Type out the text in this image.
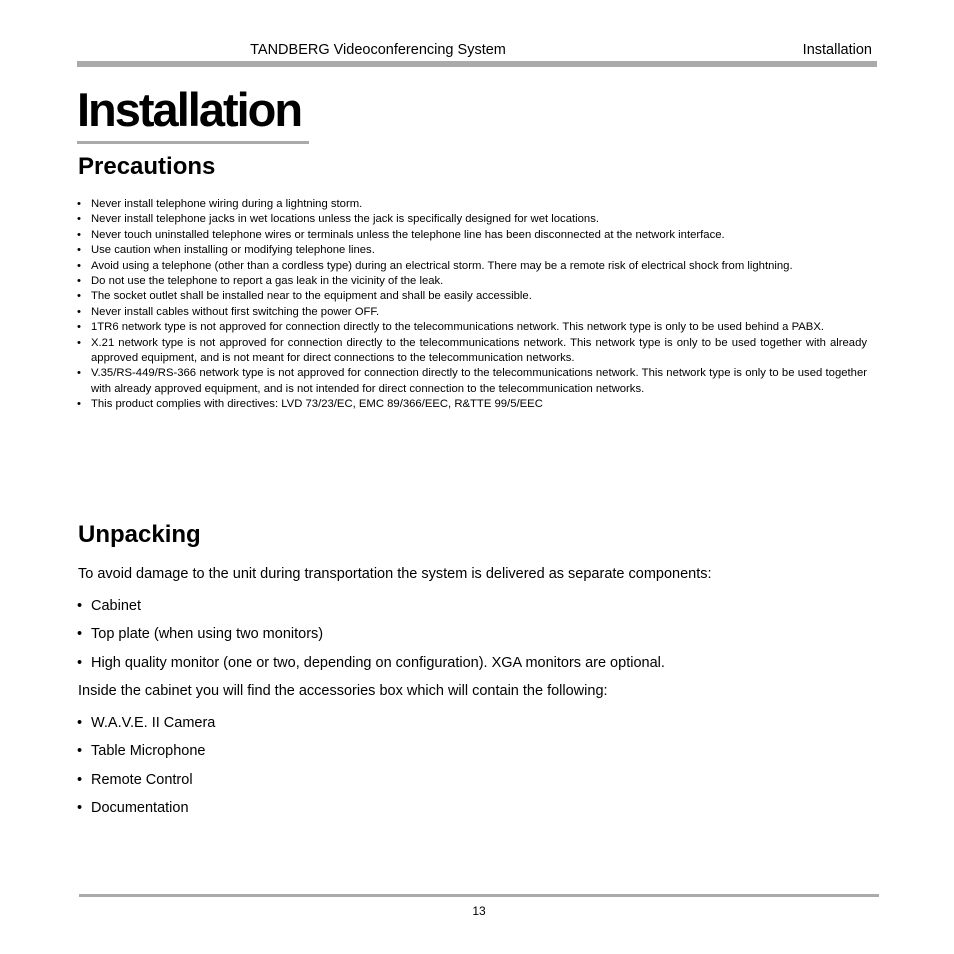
TANDBERG Videoconferencing System	Installation
Installation
Precautions
• Never install telephone wiring during a lightning storm.
• Never install telephone jacks in wet locations unless the jack is specifically designed for wet locations.
• Never touch uninstalled telephone wires or terminals unless the telephone line has been disconnected at the network interface.
• Use caution when installing or modifying telephone lines.
• Avoid using a telephone (other than a cordless type) during an electrical storm. There may be a remote risk of electrical shock from lightning.
• Do not use the telephone to report a gas leak in the vicinity of the leak.
• The socket outlet shall be installed near to the equipment and shall be easily accessible.
• Never install cables without first switching the power OFF.
• 1TR6 network type is not approved for connection directly to the telecommunications network. This network type is only to be used behind a PABX.
• X.21 network type is not approved for connection directly to the telecommunications network. This network type is only to be used together with already approved equipment, and is not meant for direct connections to the telecommunication networks.
• V.35/RS-449/RS-366 network type is not approved for connection directly to the telecommunications network. This network type is only to be used together with already approved equipment, and is not intended for direct connection to the telecommunication networks.
• This product complies with directives: LVD 73/23/EC, EMC 89/366/EEC, R&TTE 99/5/EEC
Unpacking

To avoid damage to the unit during transportation the system is delivered as separate components:

• Cabinet
• Top plate (when using two monitors)
• High quality monitor (one or two, depending on configuration). XGA monitors are optional.

Inside the cabinet you will find the accessories box which will contain the following:

• W.A.V.E. II Camera
• Table Microphone
• Remote Control
• Documentation
13
